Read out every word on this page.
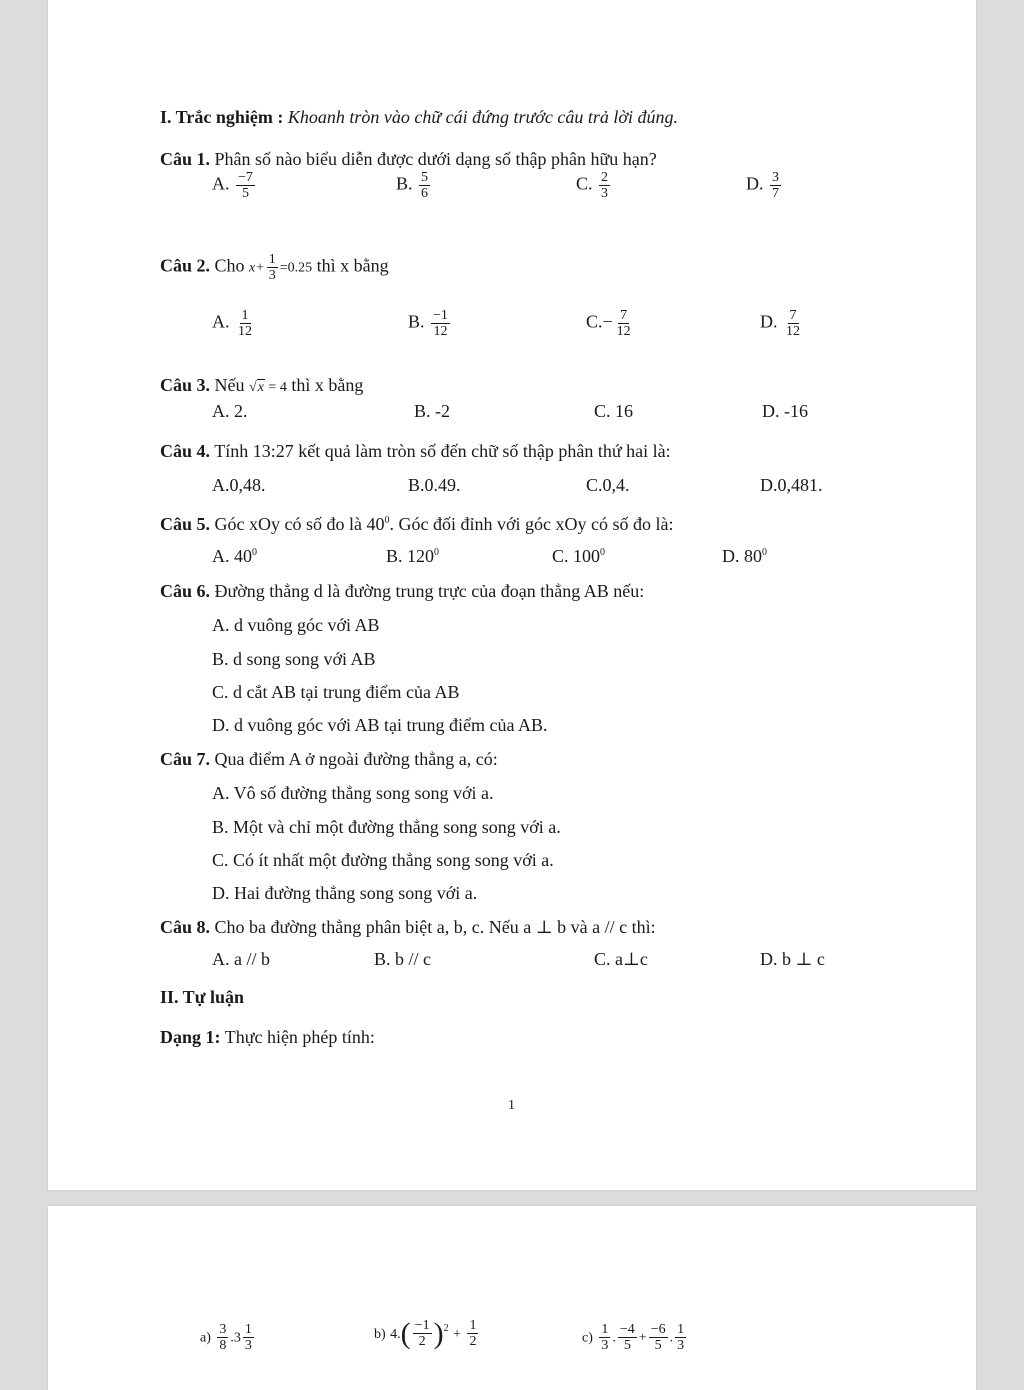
I. Trắc nghiệm : Khoanh tròn vào chữ cái đứng trước câu trả lời đúng.
Câu 1. Phân số nào biểu diễn được dưới dạng số thập phân hữu hạn?
A. $\frac{-7}{5}$	B. $\frac{5}{6}$	C. $\frac{2}{3}$	D. $\frac{3}{7}$
Câu 2. Cho $x+ \frac{1}{3} =0.25$ thì x bằng
A. $\frac{1}{12}$	B. $\frac{-1}{12}$	$C.- \frac{7}{12}$	D. $\frac{7}{12}$
Câu 3. Nếu √x = 4 thì x bằng
A. 2.	B. -2	C. 16	D. -16
Câu 4. Tính 13:27 kết quả làm tròn số đến chữ số thập phân thứ hai là:
A.0,48.	B.0.49.	C.0,4.	D.0,481.
Câu 5. Góc xOy có số đo là $40^0$. Góc đối đỉnh với góc xOy có số đo là:
A. $40^0$	B. $120^0$	C. $100^0$	D. $80^0$
Câu 6. Đường thẳng d là đường trung trực của đoạn thẳng AB nếu:
A. d vuông góc với AB
B. d song song với AB
C. d cắt AB tại trung điểm của AB
D. d vuông góc với AB tại trung điểm của AB.
Câu 7. Qua điểm A ở ngoài đường thẳng a, có:
A. Vô số đường thẳng song song với a.
B. Một và chỉ một đường thẳng song song với a.
C. Có ít nhất một đường thẳng song song với a.
D. Hai đường thẳng song song với a.
Câu 8. Cho ba đường thẳng phân biệt a, b, c. Nếu a ⊥ b và a // c thì:
A. a // b	B. b // c	C. a⊥c	D. b ⊥ c
II. Tự luận
Dạng 1: Thực hiện phép tính:
1
$a) \frac{3}{8} .3 \frac{1}{3}$	b) $4.( \frac{-1}{2} )^2 + \frac{1}{2}$	$c) \frac{1}{3}$ . $\frac{-4}{5} + \frac{-6}{5}$ . $\frac{1}{3}$
